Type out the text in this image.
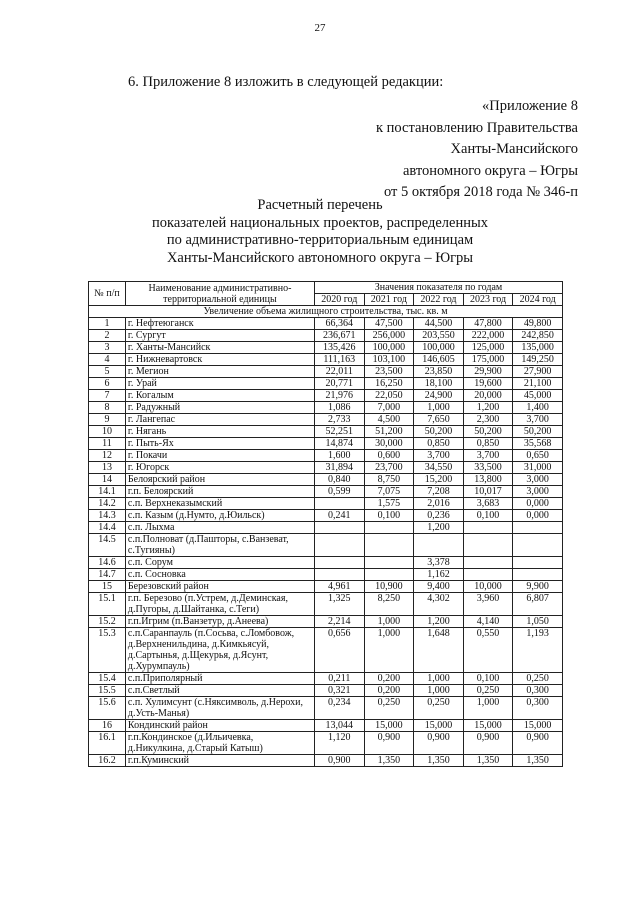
27
6. Приложение 8 изложить в следующей редакции:
«Приложение 8
к постановлению Правительства
Ханты-Мансийского
автономного округа – Югры
от 5 октября 2018 года № 346-п
Расчетный перечень
показателей национальных проектов, распределенных
по административно-территориальным единицам
Ханты-Мансийского автономного округа – Югры
№ п/п	Наименование административно-территориальной единицы	Значения показателя по годам				
		2020 год	2021 год	2022 год	2023 год	2024 год
Увеличение объема жилищного строительства, тыс. кв. м						
1	г. Нефтеюганск	66,364	47,500	44,500	47,800	49,800
2	г. Сургут	236,671	256,000	203,550	222,000	242,850
3	г. Ханты-Мансийск	135,426	100,000	100,000	125,000	135,000
4	г. Нижневартовск	111,163	103,100	146,605	175,000	149,250
5	г. Мегион	22,011	23,500	23,850	29,900	27,900
6	г. Урай	20,771	16,250	18,100	19,600	21,100
7	г. Когалым	21,976	22,050	24,900	20,000	45,000
8	г. Радужный	1,086	7,000	1,000	1,200	1,400
9	г. Лангепас	2,733	4,500	7,650	2,300	3,700
10	г. Нягань	52,251	51,200	50,200	50,200	50,200
11	г. Пыть-Ях	14,874	30,000	0,850	0,850	35,568
12	г. Покачи	1,600	0,600	3,700	3,700	0,650
13	г. Югорск	31,894	23,700	34,550	33,500	31,000
14	Белоярский район	0,840	8,750	15,200	13,800	3,000
14.1	г.п. Белоярский	0,599	7,075	7,208	10,017	3,000
14.2	с.п. Верхнеказымский		1,575	2,016	3,683	0,000
14.3	с.п. Казым (д.Нумто, д.Юильск)	0,241	0,100	0,236	0,100	0,000
14.4	с.п. Лыхма			1,200		
14.5	с.п.Полноват (д.Пашторы, с.Ванзеват, с.Тугияны)					
14.6	с.п. Сорум			3,378		
14.7	с.п. Сосновка			1,162		
15	Березовский район	4,961	10,900	9,400	10,000	9,900
15.1	г.п. Березово (п.Устрем, д.Деминская, д.Пугоры, д.Шайтанка, с.Теги)	1,325	8,250	4,302	3,960	6,807
15.2	г.п.Игрим (п.Ванзетур, д.Анеева)	2,214	1,000	1,200	4,140	1,050
15.3	с.п.Саранпауль (п.Сосьва, с.Ломбовож, д.Верхненильдина, д.Кимкьясуй, д.Сартынья, д.Щекурья, д.Ясунт, д.Хурумпауль)	0,656	1,000	1,648	0,550	1,193
15.4	с.п.Приполярный	0,211	0,200	1,000	0,100	0,250
15.5	с.п.Светлый	0,321	0,200	1,000	0,250	0,300
15.6	с.п. Хулимсунт (с.Няксимволь, д.Нерохи, д.Усть-Манья)	0,234	0,250	0,250	1,000	0,300
16	Кондинский район	13,044	15,000	15,000	15,000	15,000
16.1	г.п.Кондинское (д.Ильичевка, д.Никулкина, д.Старый Катыш)	1,120	0,900	0,900	0,900	0,900
16.2	г.п.Куминский	0,900	1,350	1,350	1,350	1,350
